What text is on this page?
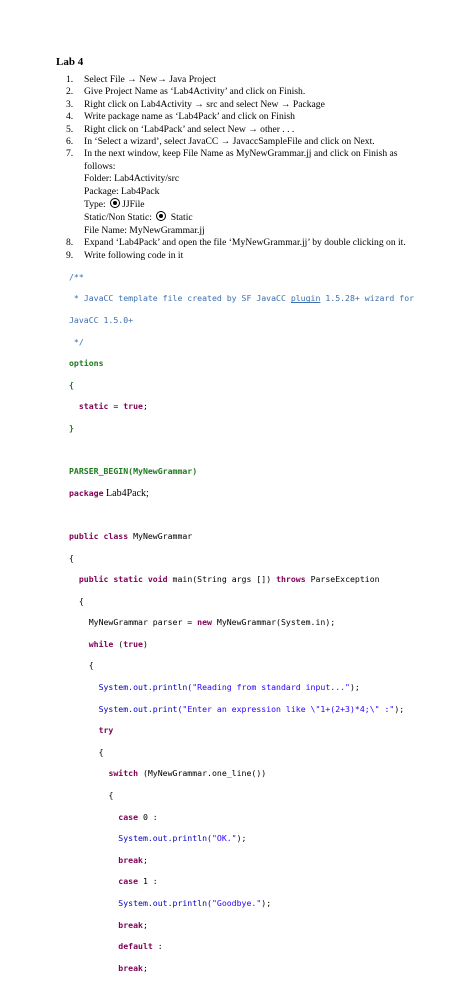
Lab 4
1. Select File → New→ Java Project
2. Give Project Name as ‘Lab4Activity’ and click on Finish.
3. Right click on Lab4Activity → src and select New → Package
4. Write package name as ‘Lab4Pack’ and click on Finish
5. Right click on ‘Lab4Pack’ and select New → other . . .
6. In ‘Select a wizard’, select JavaCC → JavaccSampleFile and click on Next.
7. In the next window, keep File Name as MyNewGrammar.jj and click on Finish as
follows:
Folder: Lab4Activity/src
Package: Lab4Pack
Type: JJFile
Static/Non Static: Static
File Name: MyNewGrammar.jj
8. Expand ‘Lab4Pack’ and open the file ‘MyNewGrammar.jj’ by double clicking on it.
9. Write following code in it

/**

* JavaCC template file created by SF JavaCC plugin 1.5.28+ wizard for

JavaCC 1.5.0+

*/

options

{

static = true;

}

PARSER_BEGIN(MyNewGrammar)

package Lab4Pack;

public class MyNewGrammar

{

public static void main(String args []) throws ParseException

{

MyNewGrammar parser = new MyNewGrammar(System.in);

while (true)

{

System.out.println("Reading from standard input...");

System.out.print("Enter an expression like \"1+(2+3)*4;\" :");

try

{

switch (MyNewGrammar.one_line())

{

case 0 :

System.out.println("OK.");

break;

case 1 :

System.out.println("Goodbye.");

break;

default :

break;
